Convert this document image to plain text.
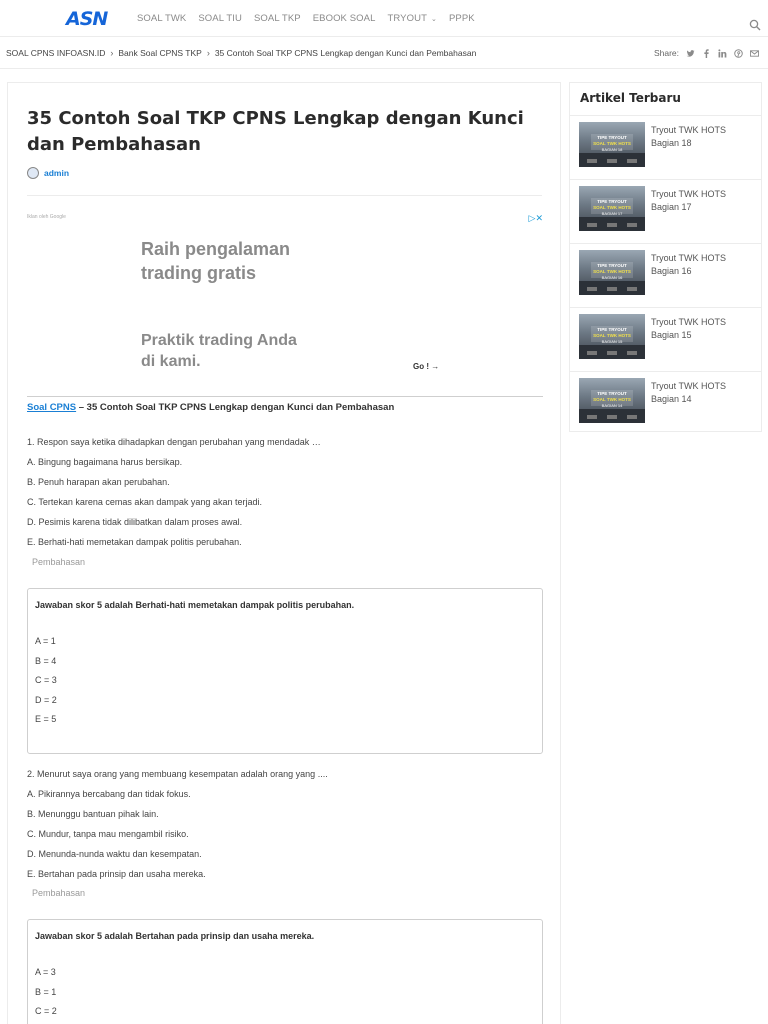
ASN	SOAL TWK SOAL TIU SOAL TKP EBOOK SOAL TRYOUT ⌄ PPPK
SOAL CPNS INFOASN.ID › Bank Soal CPNS TKP › 35 Contoh Soal TKP CPNS Lengkap dengan Kunci dan Pembahasan	Share:
35 Contoh Soal TKP CPNS Lengkap dengan Kunci dan Pembahasan
admin
Iklan oleh Google	▷✕
Raih pengalaman trading gratis
Praktik trading Anda di kami.	Go ! →
Soal CPNS – 35 Contoh Soal TKP CPNS Lengkap dengan Kunci dan Pembahasan

1. Respon saya ketika dihadapkan dengan perubahan yang mendadak …

A. Bingung bagaimana harus bersikap.

B. Penuh harapan akan perubahan.

C. Tertekan karena cemas akan dampak yang akan terjadi.

D. Pesimis karena tidak dilibatkan dalam proses awal.

E. Berhati-hati memetakan dampak politis perubahan.

Pembahasan
Jawaban skor 5 adalah Berhati-hati memetakan dampak politis perubahan.

A = 1

B = 4

C = 3

D = 2

E = 5

2. Menurut saya orang yang membuang kesempatan adalah orang yang ....

A. Pikirannya bercabang dan tidak fokus.

B. Menunggu bantuan pihak lain.

C. Mundur, tanpa mau mengambil risiko.

D. Menunda-nunda waktu dan kesempatan.

E. Bertahan pada prinsip dan usaha mereka.

Pembahasan
Jawaban skor 5 adalah Bertahan pada prinsip dan usaha mereka.

A = 3

B = 1

C = 2

Artikel Terbaru
TIPE TRYOUT
SOAL TWK HOTS
BAGIAN 18
Tryout TWK HOTS Bagian 18
TIPE TRYOUT
SOAL TWK HOTS
BAGIAN 17
Tryout TWK HOTS Bagian 17
TIPE TRYOUT
SOAL TWK HOTS
BAGIAN 16
Tryout TWK HOTS Bagian 16
TIPE TRYOUT
SOAL TWK HOTS
BAGIAN 15
Tryout TWK HOTS Bagian 15
TIPE TRYOUT
SOAL TWK HOTS
BAGIAN 14
Tryout TWK HOTS Bagian 14
